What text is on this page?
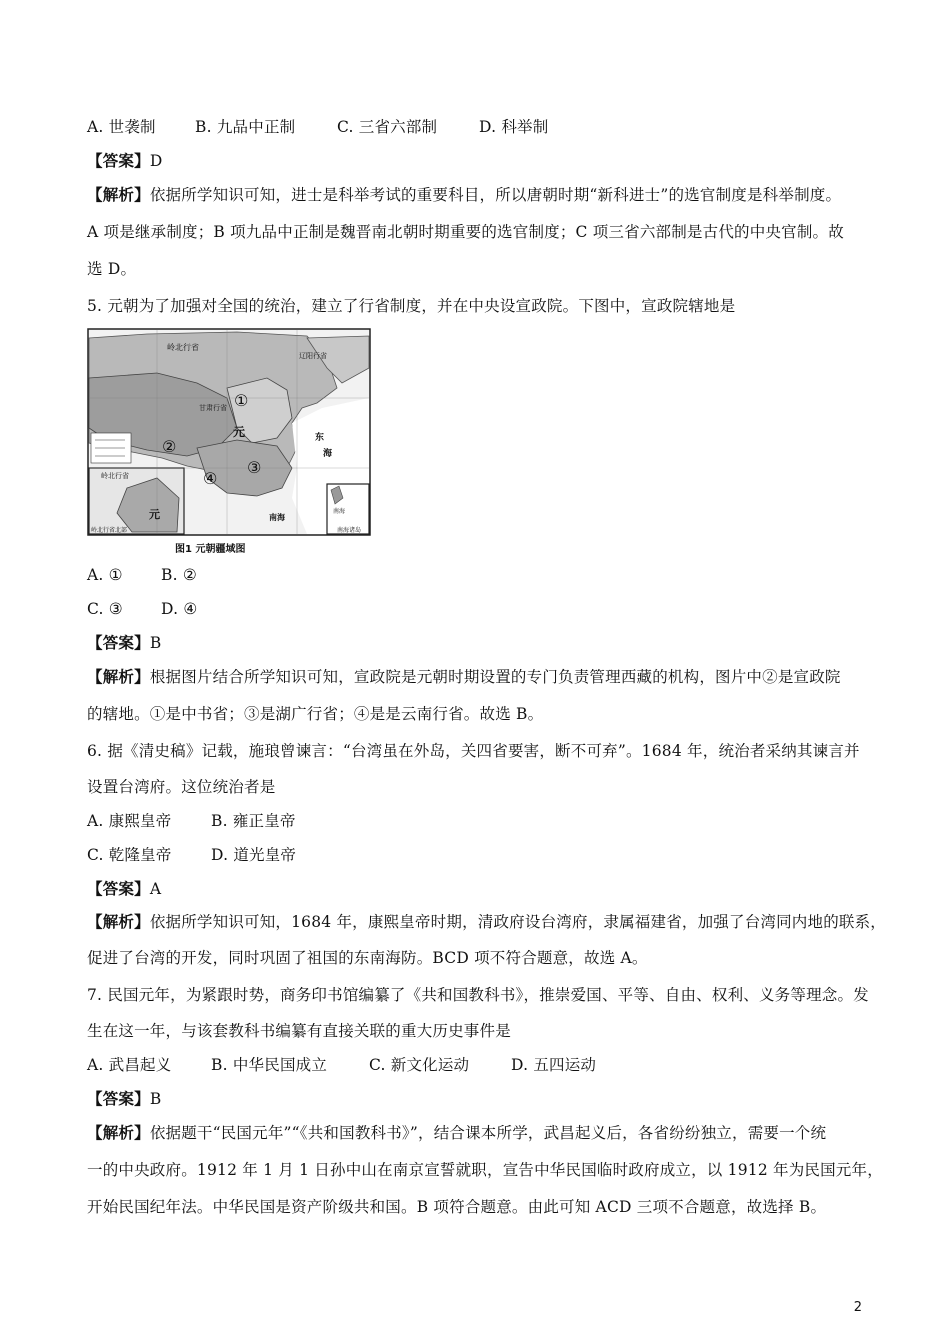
A. 世袭制	B. 九品中正制	C. 三省六部制	D. 科举制
【答案】D
【解析】依据所学知识可知，进士是科举考试的重要科目，所以唐朝时期“新科进士”的选官制度是科举制度。
A 项是继承制度；B 项九品中正制是魏晋南北朝时期重要的选官制度；C 项三省六部制是古代的中央官制。故
选 D。
5. 元朝为了加强对全国的统治，建立了行省制度，并在中央设宣政院。下图中，宣政院辖地是
岭北行省
辽阳行省
甘肃行省
元	东
海
南海
岭北行省
元
岭北行省北部	南海诸岛
南海
①
②
③
④
图1 元朝疆域图
A. ① B. ②
C. ③ D. ④
【答案】B
【解析】根据图片结合所学知识可知，宣政院是元朝时期设置的专门负责管理西藏的机构，图片中②是宣政院
的辖地。①是中书省；③是湖广行省；④是是云南行省。故选 B。
6. 据《清史稿》记载，施琅曾谏言：“台湾虽在外岛，关四省要害，断不可弃”。1684 年，统治者采纳其谏言并
设置台湾府。这位统治者是
A. 康熙皇帝	B. 雍正皇帝
C. 乾隆皇帝	D. 道光皇帝
【答案】A
【解析】依据所学知识可知，1684 年，康熙皇帝时期，清政府设台湾府，隶属福建省，加强了台湾同内地的联系，
促进了台湾的开发，同时巩固了祖国的东南海防。BCD 项不符合题意，故选 A。
7. 民国元年，为紧跟时势，商务印书馆编纂了《共和国教科书》，推崇爱国、平等、自由、权利、义务等理念。发
生在这一年，与该套教科书编纂有直接关联的重大历史事件是
A. 武昌起义	B. 中华民国成立	C. 新文化运动	D. 五四运动
【答案】B
【解析】依据题干“民国元年”“《共和国教科书》”，结合课本所学，武昌起义后，各省纷纷独立，需要一个统
一的中央政府。1912 年 1 月 1 日孙中山在南京宣誓就职，宣告中华民国临时政府成立，以 1912 年为民国元年，
开始民国纪年法。中华民国是资产阶级共和国。B 项符合题意。由此可知 ACD 三项不合题意，故选择 B。
2
